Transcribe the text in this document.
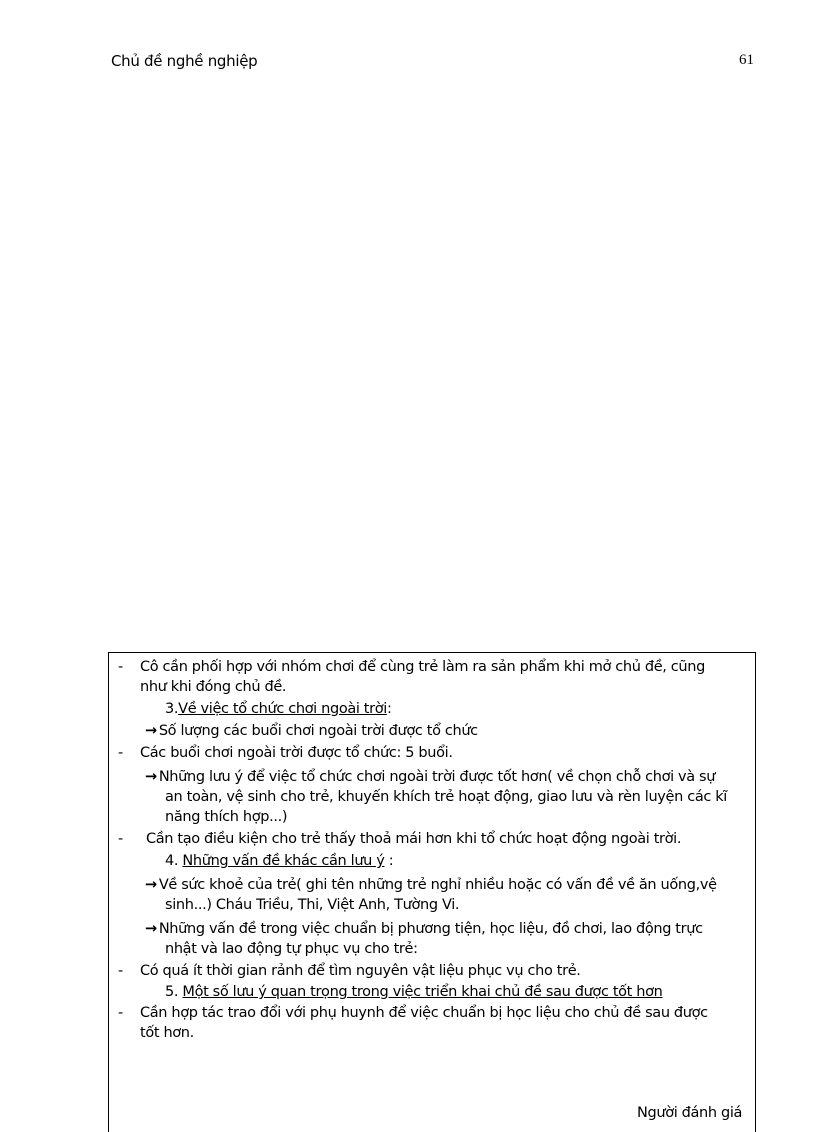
Chủ đề nghề nghiệp	61
- Cô cần phối hợp với nhóm chơi để cùng trẻ làm ra sản phẩm khi mở chủ đề, cũng
như khi đóng chủ đề.
3.Về việc tổ chức chơi ngoài trời:
→ Số lượng các buổi chơi ngoài trời được tổ chức
- Các buổi chơi ngoài trời được tổ chức: 5 buổi.
→ Những lưu ý để việc tổ chức chơi ngoài trời được tốt hơn( về chọn chỗ chơi và sự
an toàn, vệ sinh cho trẻ, khuyến khích trẻ hoạt động, giao lưu và rèn luyện các kĩ
năng thích hợp...)
- Cần tạo điều kiện cho trẻ thấy thoả mái hơn khi tổ chức hoạt động ngoài trời.
4. Những vấn đề khác cần lưu ý :
→ Về sức khoẻ của trẻ( ghi tên những trẻ nghỉ nhiều hoặc có vấn đề về ăn uống,vệ
sinh...) Cháu Triều, Thi, Việt Anh, Tường Vi.
→ Những vấn đề trong việc chuẩn bị phương tiện, học liệu, đồ chơi, lao động trực
nhật và lao động tự phục vụ cho trẻ:
- Có quá ít thời gian rảnh để tìm nguyên vật liệu phục vụ cho trẻ.
5. Một số lưu ý quan trọng trong việc triển khai chủ đề sau được tốt hơn
- Cần hợp tác trao đổi với phụ huynh để việc chuẩn bị học liệu cho chủ đề sau được
tốt hơn.
Người đánh giá
